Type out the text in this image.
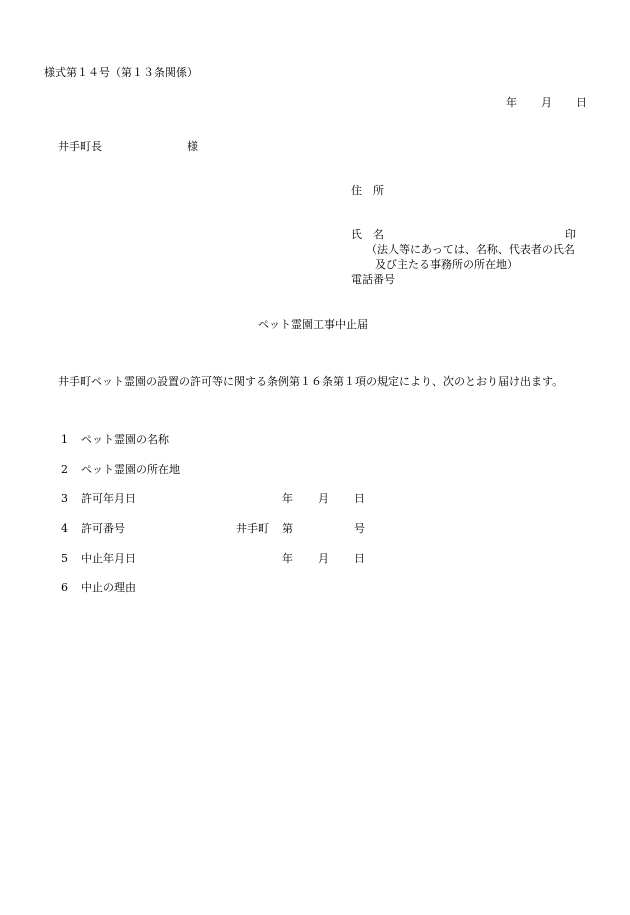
様式第１４号（第１３条関係）
年 月 日
井手町長	様
住　所
氏　名	印
（法人等にあっては、名称、代表者の氏名
及び主たる事務所の所在地）
電話番号
ペット霊園工事中止届
井手町ペット霊園の設置の許可等に関する条例第１６条第１項の規定により、次のとおり届け出ます。
1 ペット霊園の名称
2 ペット霊園の所在地
3 許可年月日	年 月 日
4 許可番号	井手町 第	号
5 中止年月日	年 月 日
6 中止の理由
